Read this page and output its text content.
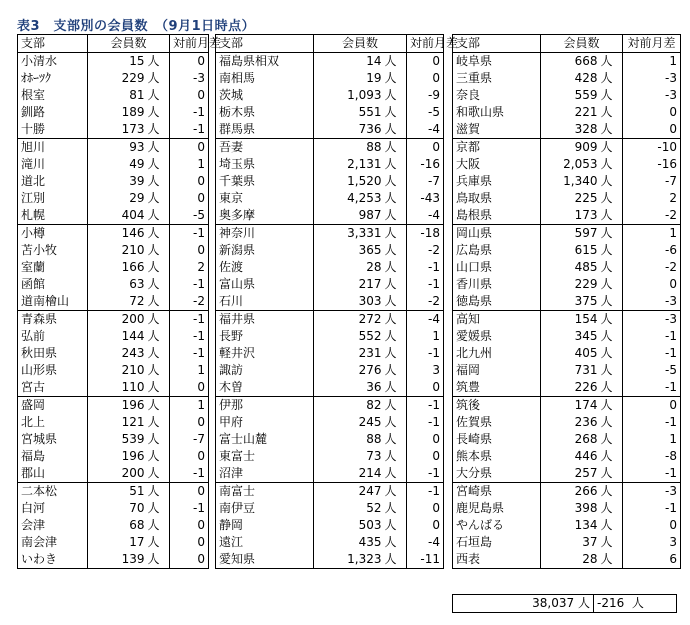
表3　支部別の会員数　（9月1日時点）
支部	会員数		対前月差
小清水	15	人	0
ｵﾎｰﾂｸ	229	人	-3
根室	81	人	0
釧路	189	人	-1
十勝	173	人	-1
旭川	93	人	0
滝川	49	人	1
道北	39	人	0
江別	29	人	0
札幌	404	人	-5
小樽	146	人	-1
苫小牧	210	人	0
室蘭	166	人	2
函館	63	人	-1
道南檜山	72	人	-2
青森県	200	人	-1
弘前	144	人	-1
秋田県	243	人	-1
山形県	210	人	1
宮古	110	人	0
盛岡	196	人	1
北上	121	人	0
宮城県	539	人	-7
福島	196	人	0
郡山	200	人	-1
二本松	51	人	0
白河	70	人	-1
会津	68	人	0
南会津	17	人	0
いわき	139	人	0
支部	会員数		対前月差
福島県相双	14	人	0
南相馬	19	人	0
茨城	1,093	人	-9
栃木県	551	人	-5
群馬県	736	人	-4
吾妻	88	人	0
埼玉県	2,131	人	-16
千葉県	1,520	人	-7
東京	4,253	人	-43
奥多摩	987	人	-4
神奈川	3,331	人	-18
新潟県	365	人	-2
佐渡	28	人	-1
富山県	217	人	-1
石川	303	人	-2
福井県	272	人	-4
長野	552	人	1
軽井沢	231	人	-1
諏訪	276	人	3
木曽	36	人	0
伊那	82	人	-1
甲府	245	人	-1
富士山麓	88	人	0
東富士	73	人	0
沼津	214	人	-1
南富士	247	人	-1
南伊豆	52	人	0
静岡	503	人	0
遠江	435	人	-4
愛知県	1,323	人	-11
支部	会員数		対前月差
岐阜県	668	人	1
三重県	428	人	-3
奈良	559	人	-3
和歌山県	221	人	0
滋賀	328	人	0
京都	909	人	-10
大阪	2,053	人	-16
兵庫県	1,340	人	-7
鳥取県	225	人	2
島根県	173	人	-2
岡山県	597	人	1
広島県	615	人	-6
山口県	485	人	-2
香川県	229	人	0
徳島県	375	人	-3
高知	154	人	-3
愛媛県	345	人	-1
北九州	405	人	-1
福岡	731	人	-5
筑豊	226	人	-1
筑後	174	人	0
佐賀県	236	人	-1
長崎県	268	人	1
熊本県	446	人	-8
大分県	257	人	-1
宮崎県	266	人	-3
鹿児島県	398	人	-1
やんばる	134	人	0
石垣島	37	人	3
西表	28	人	6
38,037 人	-216 人
